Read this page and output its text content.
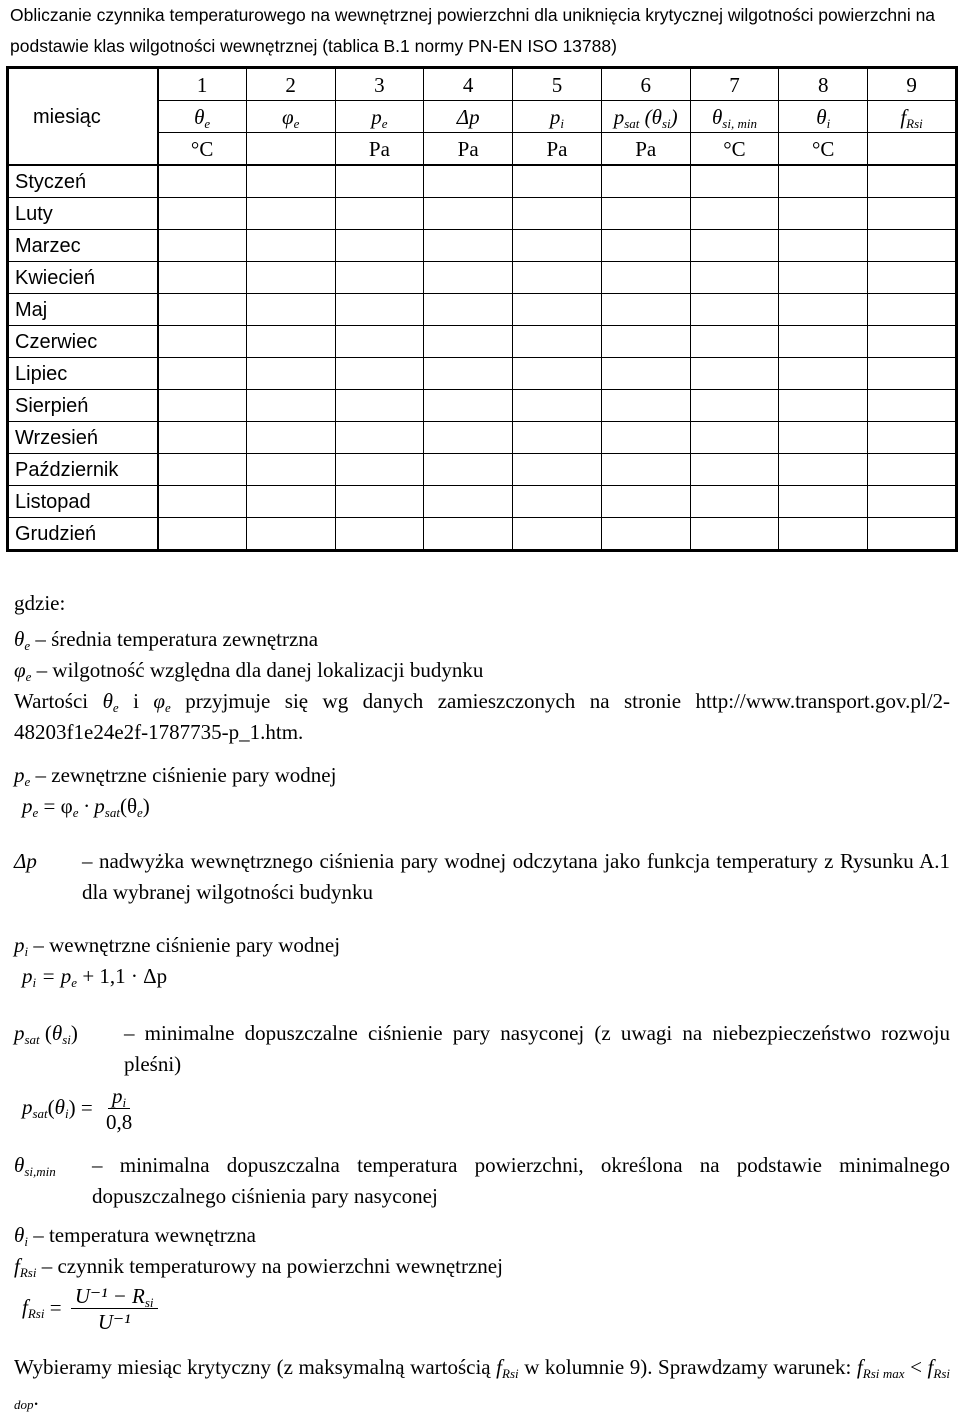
Obliczanie czynnika temperaturowego na wewnętrznej powierzchni dla uniknięcia krytycznej wilgotności powierzchni na podstawie klas wilgotności wewnętrznej (tablica B.1 normy PN-EN ISO 13788)

miesiąc	1	2	3	4	5	6	7	8	9
	$\theta_e$	$\varphi_e$	$p_e$	Δp	$p_i$	$p_{sat}$ $(\theta_{si})$	$\theta_{si, min}$	$\theta_i$	$f_{Rsi}$
	°C		Pa	Pa	Pa	Pa	°C	°C	
Styczeń									
Luty									
Marzec									
Kwiecień									
Maj									
Czerwiec									
Lipiec									
Sierpień									
Wrzesień									
Październik									
Listopad									
Grudzień									

gdzie:

$\theta_e$ – średnia temperatura zewnętrzna

$\varphi_e$ – wilgotność względna dla danej lokalizacji budynku

Wartości $\theta_e$ i $\varphi_e$ przyjmuje się wg danych zamieszczonych na stronie http://www.transport.gov.pl/2-48203f1e24e2f-1787735-p_1.htm.

$p_e$ – zewnętrzne ciśnienie pary wodnej

$p_e = \varphi_e \cdot p_{sat}(\theta_e)$

Δp	– nadwyżka wewnętrznego ciśnienia pary wodnej odczytana jako funkcja temperatury z Rysunku A.1 dla wybranej wilgotności budynku

$p_i$ – wewnętrzne ciśnienie pary wodnej

$p_i = p_e + 1,1 \cdot \Delta p$

$p_{sat}$ $(\theta_{si})$	– minimalne dopuszczalne ciśnienie pary nasyconej (z uwagi na niebezpieczeństwo rozwoju pleśni)
$p_{sat}(\theta_i) = \frac{p_i}{0,8}$
$\theta_{si,min}$	– minimalna dopuszczalna temperatura powierzchni, określona na podstawie minimalnego dopuszczalnego ciśnienia pary nasyconej

$\theta_i$ – temperatura wewnętrzna

$f_{Rsi}$ – czynnik temperaturowy na powierzchni wewnętrznej

$f_{Rsi} = \frac{U^{-1} - R_{si}}{\text{U⁻¹}}$
Wybieramy miesiąc krytyczny (z maksymalną wartością $f_{Rsi}$ w kolumnie 9). Sprawdzamy warunek: $f_{Rsi max} < f_{Rsi dop}$.
